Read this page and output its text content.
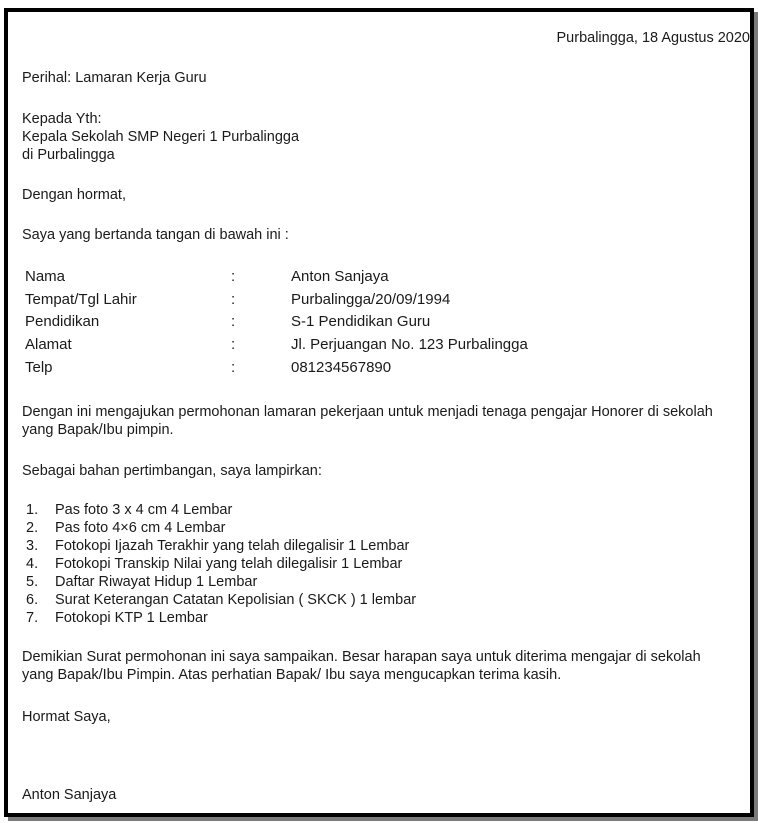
Purbalingga, 18 Agustus 2020
Perihal: Lamaran Kerja Guru
Kepada Yth:
Kepala Sekolah SMP Negeri 1 Purbalingga
di Purbalingga
Dengan hormat,
Saya yang bertanda tangan di bawah ini :
Nama	:	Anton Sanjaya
Tempat/Tgl Lahir	:	Purbalingga/20/09/1994
Pendidikan	:	S-1 Pendidikan Guru
Alamat	:	Jl. Perjuangan No. 123 Purbalingga
Telp	:	081234567890
Dengan ini mengajukan permohonan lamaran pekerjaan untuk menjadi tenaga pengajar Honorer di sekolah yang Bapak/Ibu pimpin.
Sebagai bahan pertimbangan, saya lampirkan:
1.	Pas foto 3 x 4 cm 4 Lembar
2.	Pas foto 4×6 cm 4 Lembar
3.	Fotokopi Ijazah Terakhir yang telah dilegalisir 1 Lembar
4.	Fotokopi Transkip Nilai yang telah dilegalisir 1 Lembar
5.	Daftar Riwayat Hidup 1 Lembar
6.	Surat Keterangan Catatan Kepolisian ( SKCK ) 1 lembar
7.	Fotokopi KTP 1 Lembar
Demikian Surat permohonan ini saya sampaikan. Besar harapan saya untuk diterima mengajar di sekolah yang Bapak/Ibu Pimpin. Atas perhatian Bapak/ Ibu saya mengucapkan terima kasih.
Hormat Saya,
Anton Sanjaya
